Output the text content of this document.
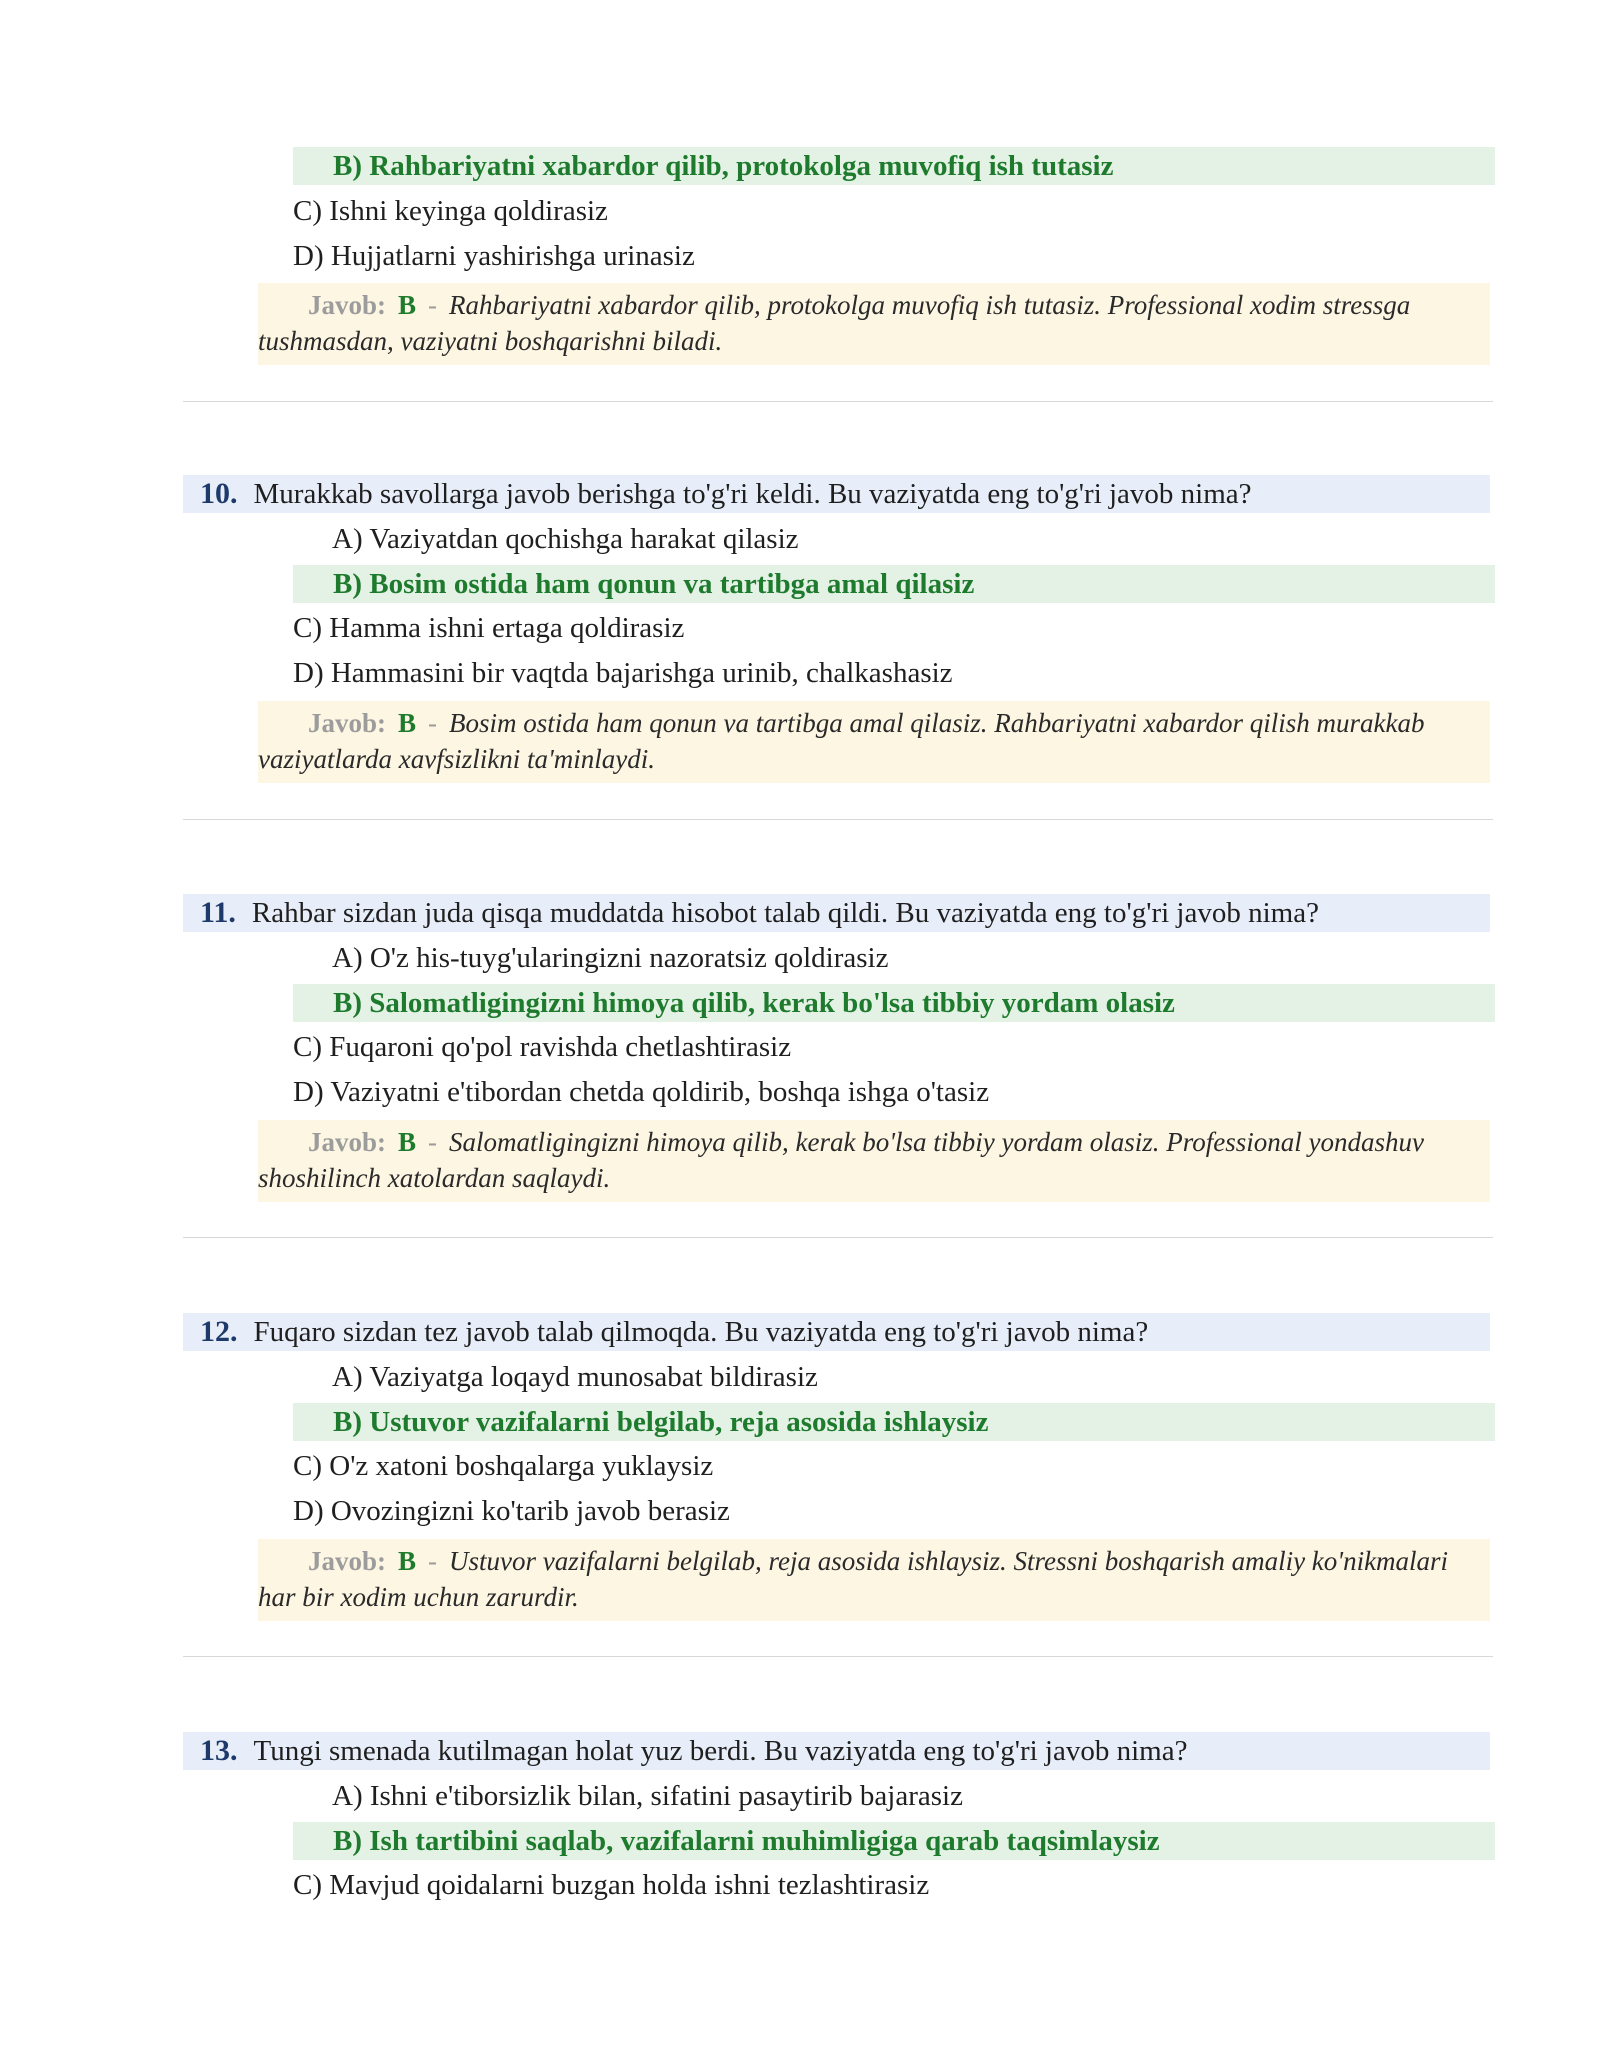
B) Rahbariyatni xabardor qilib, protokolga muvofiq ish tutasiz
C) Ishni keyinga qoldirasiz
D) Hujjatlarni yashirishga urinasiz
Javob: B - Rahbariyatni xabardor qilib, protokolga muvofiq ish tutasiz. Professional xodim stressga tushmasdan, vaziyatni boshqarishni biladi.
10. Murakkab savollarga javob berishga to'g'ri keldi. Bu vaziyatda eng to'g'ri javob nima?
A) Vaziyatdan qochishga harakat qilasiz
B) Bosim ostida ham qonun va tartibga amal qilasiz
C) Hamma ishni ertaga qoldirasiz
D) Hammasini bir vaqtda bajarishga urinib, chalkashasiz
Javob: B - Bosim ostida ham qonun va tartibga amal qilasiz. Rahbariyatni xabardor qilish murakkab vaziyatlarda xavfsizlikni ta'minlaydi.
11. Rahbar sizdan juda qisqa muddatda hisobot talab qildi. Bu vaziyatda eng to'g'ri javob nima?
A) O'z his-tuyg'ularingizni nazoratsiz qoldirasiz
B) Salomatligingizni himoya qilib, kerak bo'lsa tibbiy yordam olasiz
C) Fuqaroni qo'pol ravishda chetlashtirasiz
D) Vaziyatni e'tibordan chetda qoldirib, boshqa ishga o'tasiz
Javob: B - Salomatligingizni himoya qilib, kerak bo'lsa tibbiy yordam olasiz. Professional yondashuv shoshilinch xatolardan saqlaydi.
12. Fuqaro sizdan tez javob talab qilmoqda. Bu vaziyatda eng to'g'ri javob nima?
A) Vaziyatga loqayd munosabat bildirasiz
B) Ustuvor vazifalarni belgilab, reja asosida ishlaysiz
C) O'z xatoni boshqalarga yuklaysiz
D) Ovozingizni ko'tarib javob berasiz
Javob: B - Ustuvor vazifalarni belgilab, reja asosida ishlaysiz. Stressni boshqarish amaliy ko'nikmalari har bir xodim uchun zarurdir.
13. Tungi smenada kutilmagan holat yuz berdi. Bu vaziyatda eng to'g'ri javob nima?
A) Ishni e'tiborsizlik bilan, sifatini pasaytirib bajarasiz
B) Ish tartibini saqlab, vazifalarni muhimligiga qarab taqsimlaysiz
C) Mavjud qoidalarni buzgan holda ishni tezlashtirasiz
